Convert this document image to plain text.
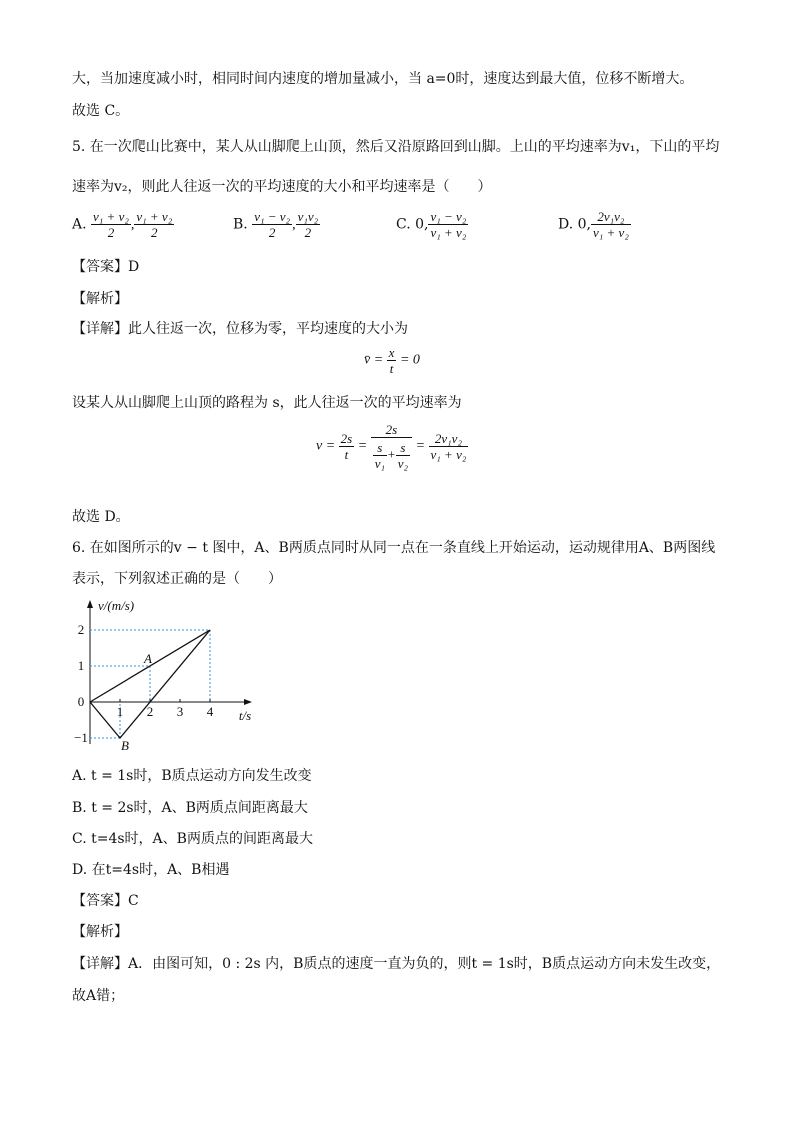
大，当加速度减小时，相同时间内速度的增加量减小，当 a=0时，速度达到最大值，位移不断增大。
故选 C。
5. 在一次爬山比赛中，某人从山脚爬上山顶，然后又沿原路回到山脚。上山的平均速率为v₁，下山的平均
速率为v₂，则此人往返一次的平均速度的大小和平均速率是（　　）
A. $\frac{\text{v₁ + v₂}}{2}$ , $\frac{\text{v₁ + v₂}}{2}$	B. $\frac{\text{v₁ − v₂}}{2}$ , $\frac{\text{v₁v₂}}{2}$	C. 0, $\frac{\text{v₁ − v₂}}{\text{v₁ + v₂}}$	D. 0, $\frac{\text{2v₁v₂}}{\text{v₁ + v₂}}$
【答案】D
【解析】
【详解】此人往返一次，位移为零，平均速度的大小为
v̄ = $\frac{x}{t} = 0$
设某人从山脚爬上山顶的路程为 s，此人往返一次的平均速率为
$v = \frac{2s}{t} = \frac{2s}{\frac{s}{\text{v₁}} + \frac{s}{\text{v₂}}} = \frac{\text{2v₁v₂}}{\text{v₁ + v₂}}$
故选 D。
6. 在如图所示的v − t 图中，A、B两质点同时从同一点在一条直线上开始运动，运动规律用A、B两图线
表示，下列叙述正确的是（　　）
v/(m/s)
t/s
2
1
0
−1
1 2 3 4
A
B
A. t = 1s时，B质点运动方向发生改变
B. t = 2s时，A、B两质点间距离最大
C. t=4s时，A、B两质点的间距离最大
D. 在t=4s时，A、B相遇
【答案】C
【解析】
【详解】A．由图可知，0 : 2s 内，B质点的速度一直为负的，则t = 1s时，B质点运动方向未发生改变，
故A错；
